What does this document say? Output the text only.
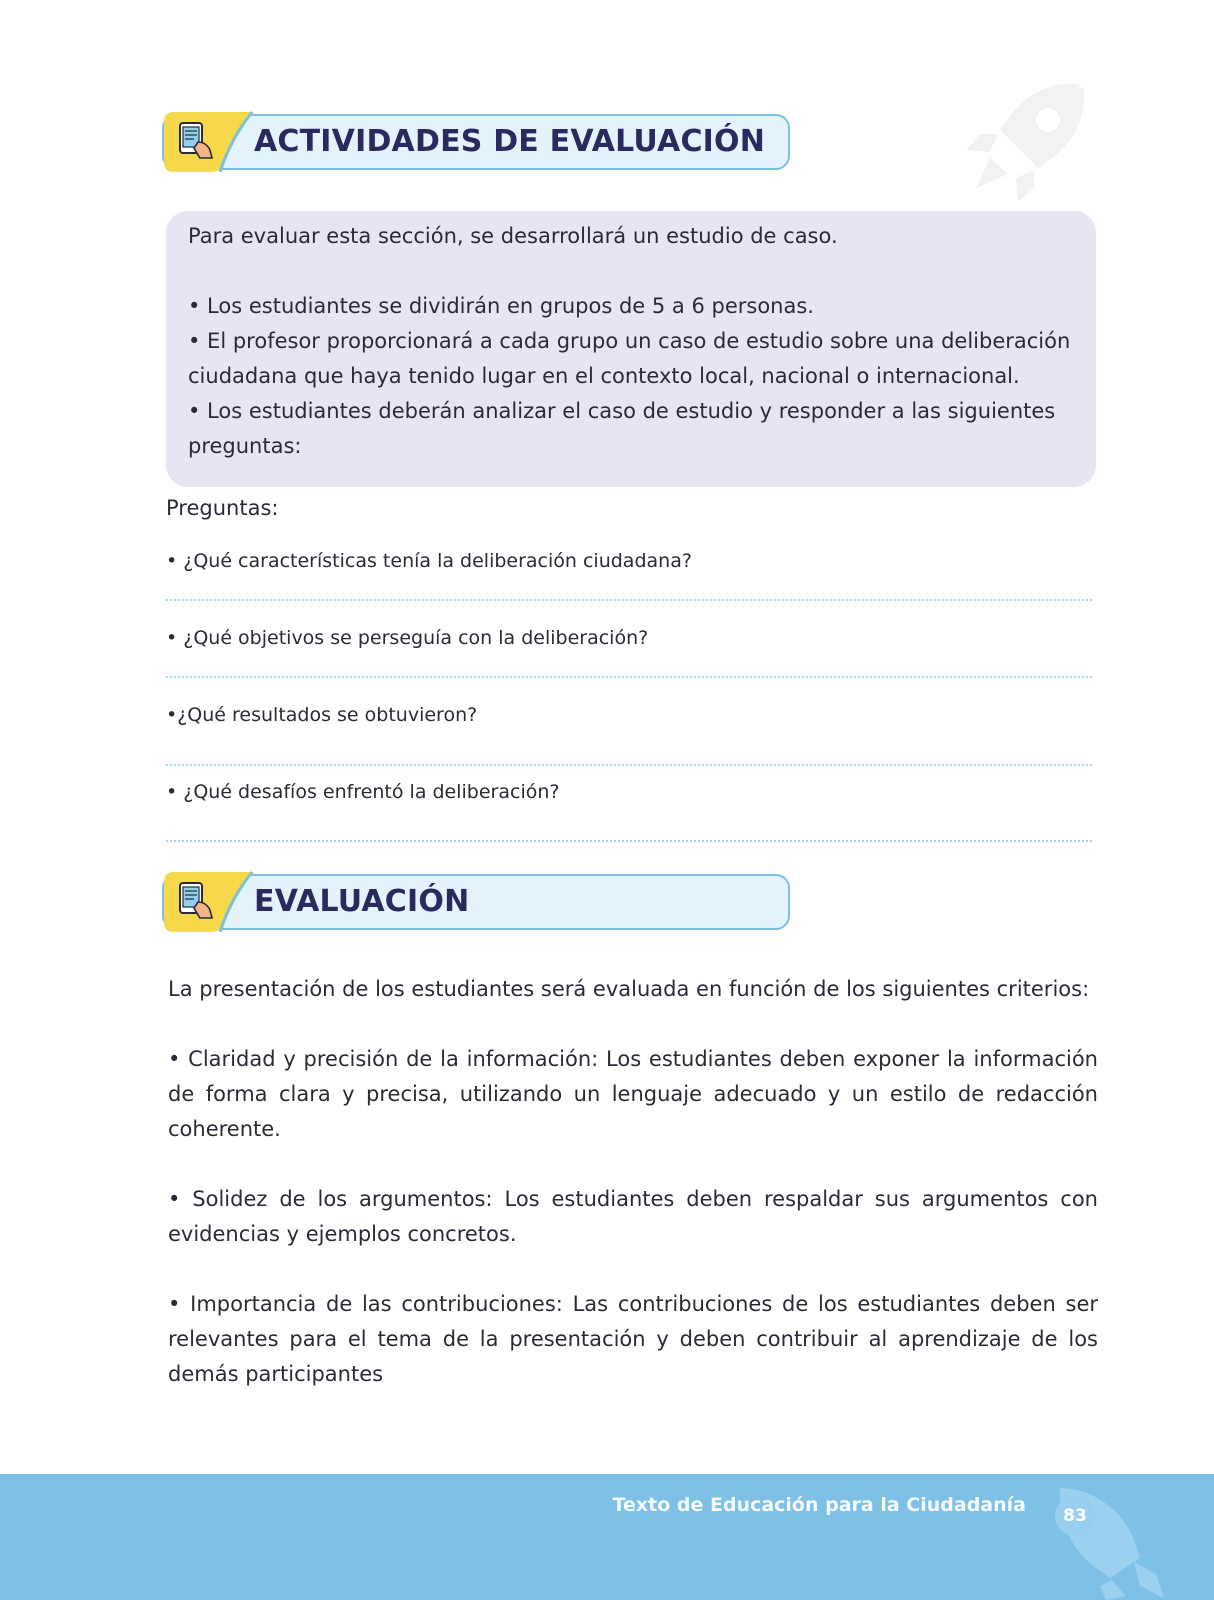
ACTIVIDADES DE EVALUACIÓN

Para evaluar esta sección, se desarrollará un estudio de caso.

• Los estudiantes se dividirán en grupos de 5 a 6 personas.

• El profesor proporcionará a cada grupo un caso de estudio sobre una deliberación ciudadana que haya tenido lugar en el contexto local, nacional o internacional.

• Los estudiantes deberán analizar el caso de estudio y responder a las siguientes preguntas:

Preguntas:
• ¿Qué características tenía la deliberación ciudadana?
• ¿Qué objetivos se perseguía con la deliberación?
•¿Qué resultados se obtuvieron?
• ¿Qué desafíos enfrentó la deliberación?
EVALUACIÓN

La presentación de los estudiantes será evaluada en función de los siguientes criterios:

• Claridad y precisión de la información: Los estudiantes deben exponer la información de forma clara y precisa, utilizando un lenguaje adecuado y un estilo de redacción coherente.

• Solidez de los argumentos: Los estudiantes deben respaldar sus argumentos con evidencias y ejemplos concretos.

• Importancia de las contribuciones: Las contribuciones de los estudiantes deben ser relevantes para el tema de la presentación y deben contribuir al aprendizaje de los demás participantes

Texto de Educación para la Ciudadanía	83
